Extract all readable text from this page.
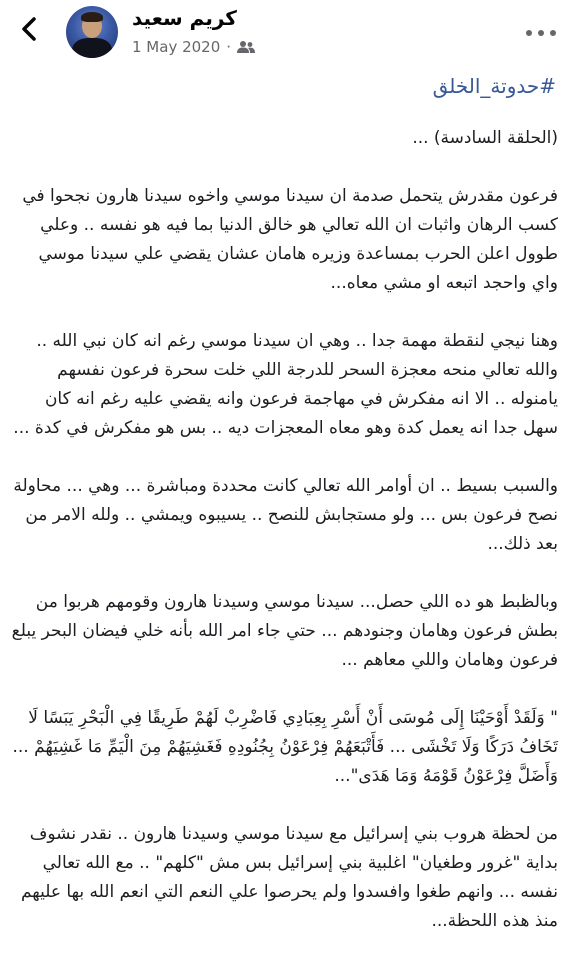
كريم سعيد
1 May 2020 ·
#حدوتة_الخلق

(الحلقة السادسة) ...

فرعون مقدرش يتحمل صدمة ان سيدنا موسي واخوه سيدنا هارون نجحوا في كسب الرهان واثبات ان الله تعالي هو خالق الدنيا بما فيه هو نفسه .. وعلي طوول اعلن الحرب بمساعدة وزيره هامان عشان يقضي علي سيدنا موسي واي واحجد اتبعه او مشي معاه...

وهنا نيجي لنقطة مهمة جدا .. وهي ان سيدنا موسي رغم انه كان نبي الله .. والله تعالي منحه معجزة السحر للدرجة اللي خلت سحرة فرعون نفسهم يامنوله .. الا انه مفكرش في مهاجمة فرعون وانه يقضي عليه رغم انه كان سهل جدا انه يعمل كدة وهو معاه المعجزات ديه .. بس هو مفكرش في كدة ...

والسبب بسيط .. ان أوامر الله تعالي كانت محددة ومباشرة ... وهي ... محاولة نصح فرعون بس ... ولو مستجابش للنصح .. يسيبوه ويمشي .. ولله الامر من بعد ذلك...

وبالظبط هو ده اللي حصل... سيدنا موسي وسيدنا هارون وقومهم هربوا من بطش فرعون وهامان وجنودهم ... حتي جاء امر الله بأنه خلي فيضان البحر يبلع فرعون وهامان واللي معاهم ...

" وَلَقَدْ أَوْحَيْنَا إِلَى مُوسَى أَنْ أَسْرِ بِعِبَادِي فَاضْرِبْ لَهُمْ طَرِيقًا فِي الْبَحْرِ يَبَسًا لَا تَخَافُ دَرَكًا وَلَا تَخْشَى ... فَأَتْبَعَهُمْ فِرْعَوْنُ بِجُنُودِهِ فَغَشِيَهُمْ مِنَ الْيَمِّ مَا غَشِيَهُمْ ... وَأَضَلَّ فِرْعَوْنُ قَوْمَهُ وَمَا هَدَى"...

من لحظة هروب بني إسرائيل مع سيدنا موسي وسيدنا هارون .. نقدر نشوف بداية "غرور وطغيان" اغلبية بني إسرائيل بس مش "كلهم" .. مع الله تعالي نفسه ... وانهم طغوا وافسدوا ولم يحرصوا علي النعم التي انعم الله بها عليهم منذ هذه اللحظة...
